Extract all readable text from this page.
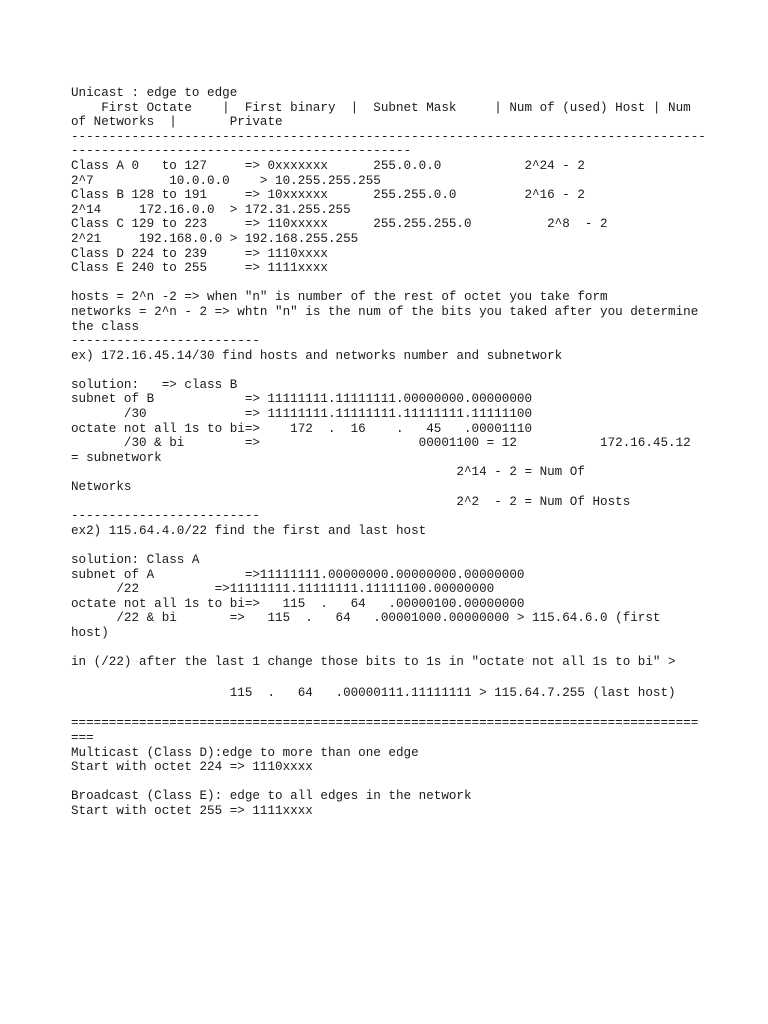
Unicast : edge to edge
First Octate    |  First binary  |  Subnet Mask     | Num of (used) Host | Num
of Networks  |       Private
------------------------------------------------------------------------------------
---------------------------------------------
Class A 0   to 127     => 0xxxxxxx      255.0.0.0           2^24 - 2
2^7          10.0.0.0    > 10.255.255.255
Class B 128 to 191     => 10xxxxxx      255.255.0.0         2^16 - 2
2^14     172.16.0.0  > 172.31.255.255
Class C 129 to 223     => 110xxxxx      255.255.255.0          2^8  - 2
2^21     192.168.0.0 > 192.168.255.255
Class D 224 to 239     => 1110xxxx
Class E 240 to 255     => 1111xxxx
hosts = 2^n -2 => when "n" is number of the rest of octet you take form
networks = 2^n - 2 => whtn "n" is the num of the bits you taked after you determine
the class
-------------------------
ex) 172.16.45.14/30 find hosts and networks number and subnetwork
solution:   => class B
subnet of B            => 11111111.11111111.00000000.00000000
/30             => 11111111.11111111.11111111.11111100
octate not all 1s to bi=>    172  .  16    .   45   .00001110
/30 & bi        =>                     00001100 = 12           172.16.45.12
= subnetwork
2^14 - 2 = Num Of
Networks
2^2  - 2 = Num Of Hosts
-------------------------
ex2) 115.64.4.0/22 find the first and last host
solution: Class A
subnet of A            =>11111111.00000000.00000000.00000000
/22          =>11111111.11111111.11111100.00000000
octate not all 1s to bi=>   115  .   64   .00000100.00000000
/22 & bi       =>   115  .   64   .00001000.00000000 > 115.64.6.0 (first
host)
in (/22) after the last 1 change those bits to 1s in "octate not all 1s to bi" >
115  .   64   .00000111.11111111 > 115.64.7.255 (last host)
===================================================================================
===
Multicast (Class D):edge to more than one edge
Start with octet 224 => 1110xxxx
Broadcast (Class E): edge to all edges in the network
Start with octet 255 => 1111xxxx
